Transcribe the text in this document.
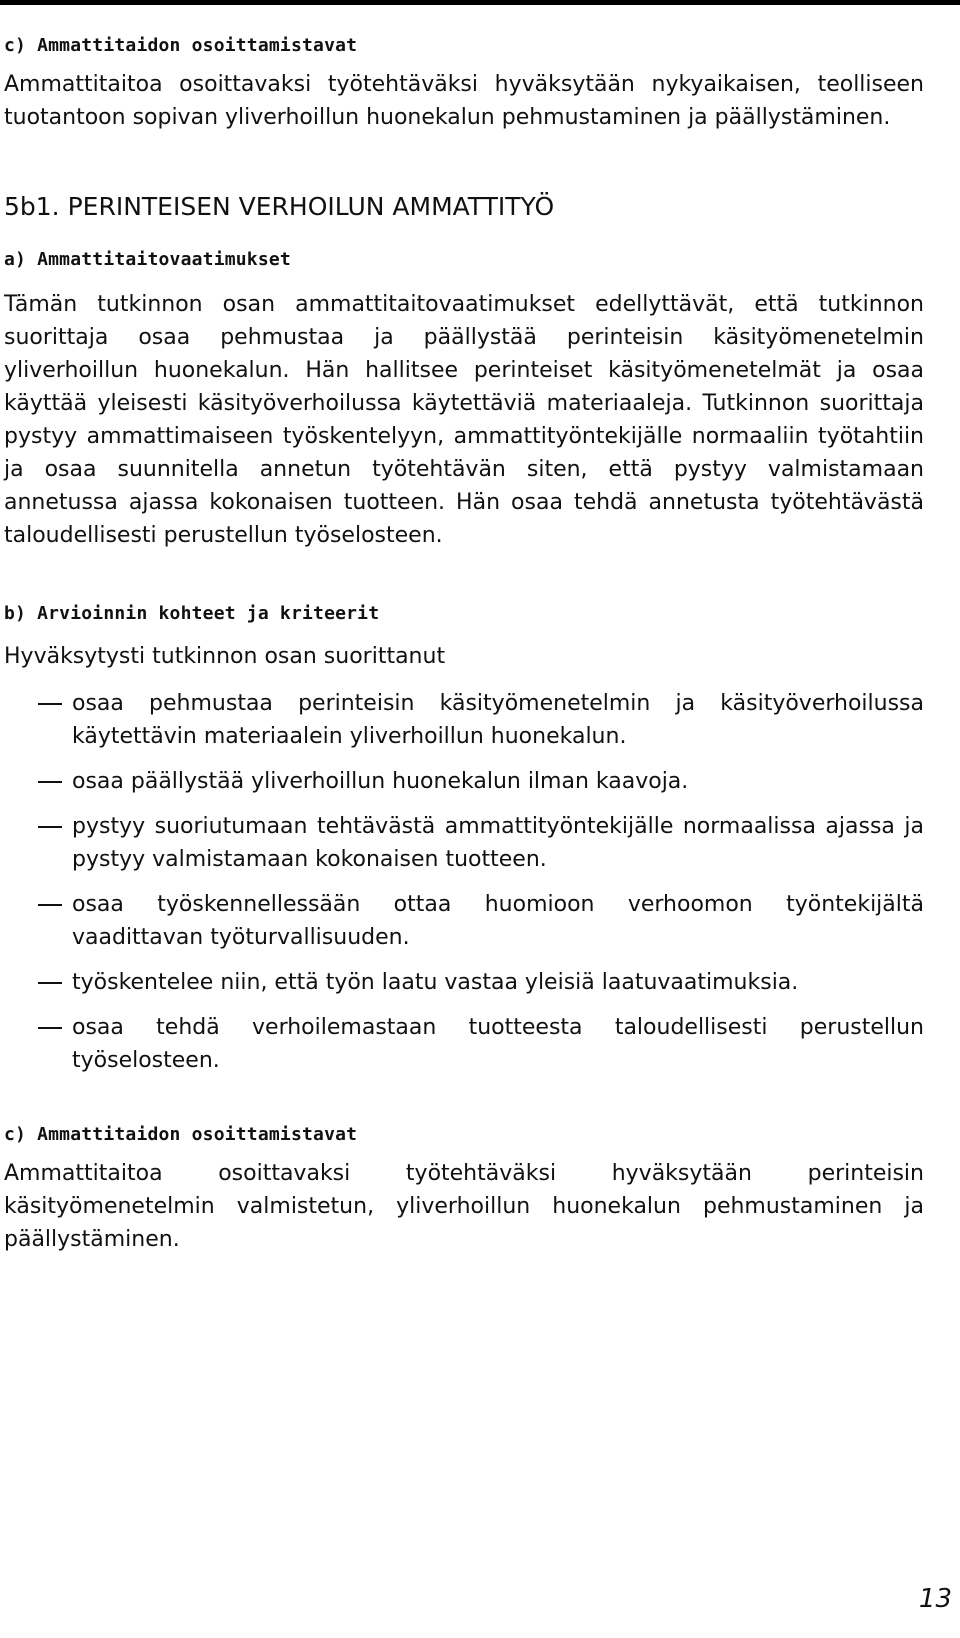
c) Ammattitaidon osoittamistavat

Ammattitaitoa osoittavaksi työtehtäväksi hyväksytään nykyaikaisen, teolliseen tuotantoon sopivan yliverhoillun huonekalun pehmustaminen ja päällystäminen.

5b1. PERINTEISEN VERHOILUN AMMATTITYÖ

a) Ammattitaitovaatimukset

Tämän tutkinnon osan ammattitaitovaatimukset edellyttävät, että tutkinnon suorittaja osaa pehmustaa ja päällystää perinteisin käsityömenetelmin yliverhoillun huonekalun. Hän hallitsee perinteiset käsityömenetelmät ja osaa käyttää yleisesti käsityöverhoilussa käytettäviä materiaaleja. Tutkinnon suorittaja pystyy ammattimaiseen työskentelyyn, ammattityöntekijälle normaaliin työtahtiin ja osaa suunnitella annetun työtehtävän siten, että pystyy valmistamaan annetussa ajassa kokonaisen tuotteen. Hän osaa tehdä annetusta työtehtävästä taloudellisesti perustellun työselosteen.

b) Arvioinnin kohteet ja kriteerit

Hyväksytysti tutkinnon osan suorittanut

osaa pehmustaa perinteisin käsityömenetelmin ja käsityöverhoilussa käytettävin materiaalein yliverhoillun huonekalun.
osaa päällystää yliverhoillun huonekalun ilman kaavoja.
pystyy suoriutumaan tehtävästä ammattityöntekijälle normaalissa ajassa ja pystyy valmistamaan kokonaisen tuotteen.
osaa työskennellessään ottaa huomioon verhoomon työntekijältä vaadittavan työturvallisuuden.
työskentelee niin, että työn laatu vastaa yleisiä laatuvaatimuksia.
osaa tehdä verhoilemastaan tuotteesta taloudellisesti perustellun työselosteen.

c) Ammattitaidon osoittamistavat

Ammattitaitoa osoittavaksi työtehtäväksi hyväksytään perinteisin käsityömenetelmin valmistetun, yliverhoillun huonekalun pehmustaminen ja päällystäminen.

13
